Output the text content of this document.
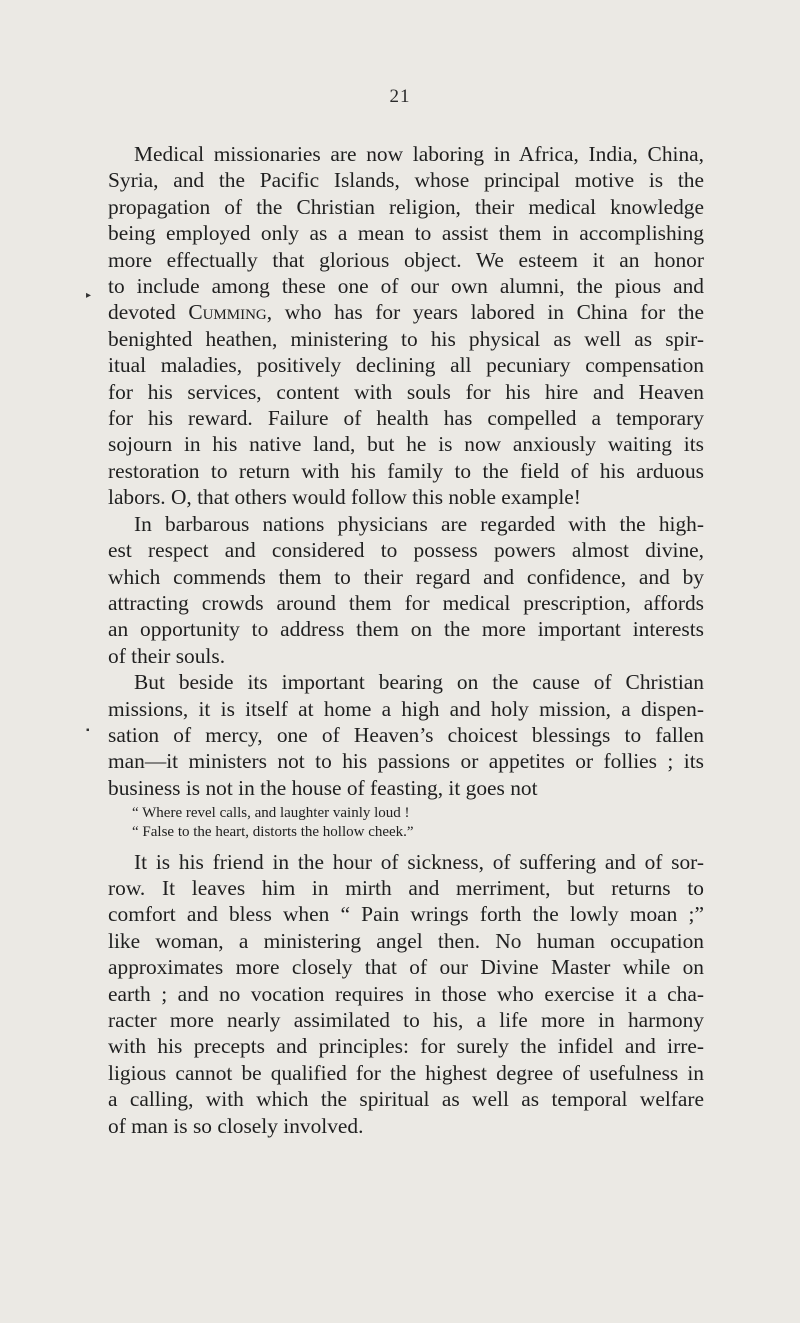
21
▸
▪
Medical missionaries are now laboring in Africa, India, China,
Syria, and the Pacific Islands, whose principal motive is the
propagation of the Christian religion, their medical knowledge
being employed only as a mean to assist them in accomplishing
more effectually that glorious object. We esteem it an honor
to include among these one of our own alumni, the pious and
devoted Cumming, who has for years labored in China for the
benighted heathen, ministering to his physical as well as spir-
itual maladies, positively declining all pecuniary compensation
for his services, content with souls for his hire and Heaven
for his reward. Failure of health has compelled a temporary
sojourn in his native land, but he is now anxiously waiting its
restoration to return with his family to the field of his arduous
labors. O, that others would follow this noble example!
In barbarous nations physicians are regarded with the high-
est respect and considered to possess powers almost divine,
which commends them to their regard and confidence, and by
attracting crowds around them for medical prescription, affords
an opportunity to address them on the more important interests
of their souls.
But beside its important bearing on the cause of Christian
missions, it is itself at home a high and holy mission, a dispen-
sation of mercy, one of Heaven’s choicest blessings to fallen
man—it ministers not to his passions or appetites or follies ; its
business is not in the house of feasting, it goes not
“ Where revel calls, and laughter vainly loud !
“ False to the heart, distorts the hollow cheek.”
It is his friend in the hour of sickness, of suffering and of sor-
row. It leaves him in mirth and merriment, but returns to
comfort and bless when “ Pain wrings forth the lowly moan ;”
like woman, a ministering angel then. No human occupation
approximates more closely that of our Divine Master while on
earth ; and no vocation requires in those who exercise it a cha-
racter more nearly assimilated to his, a life more in harmony
with his precepts and principles: for surely the infidel and irre-
ligious cannot be qualified for the highest degree of usefulness in
a calling, with which the spiritual as well as temporal welfare
of man is so closely involved.
